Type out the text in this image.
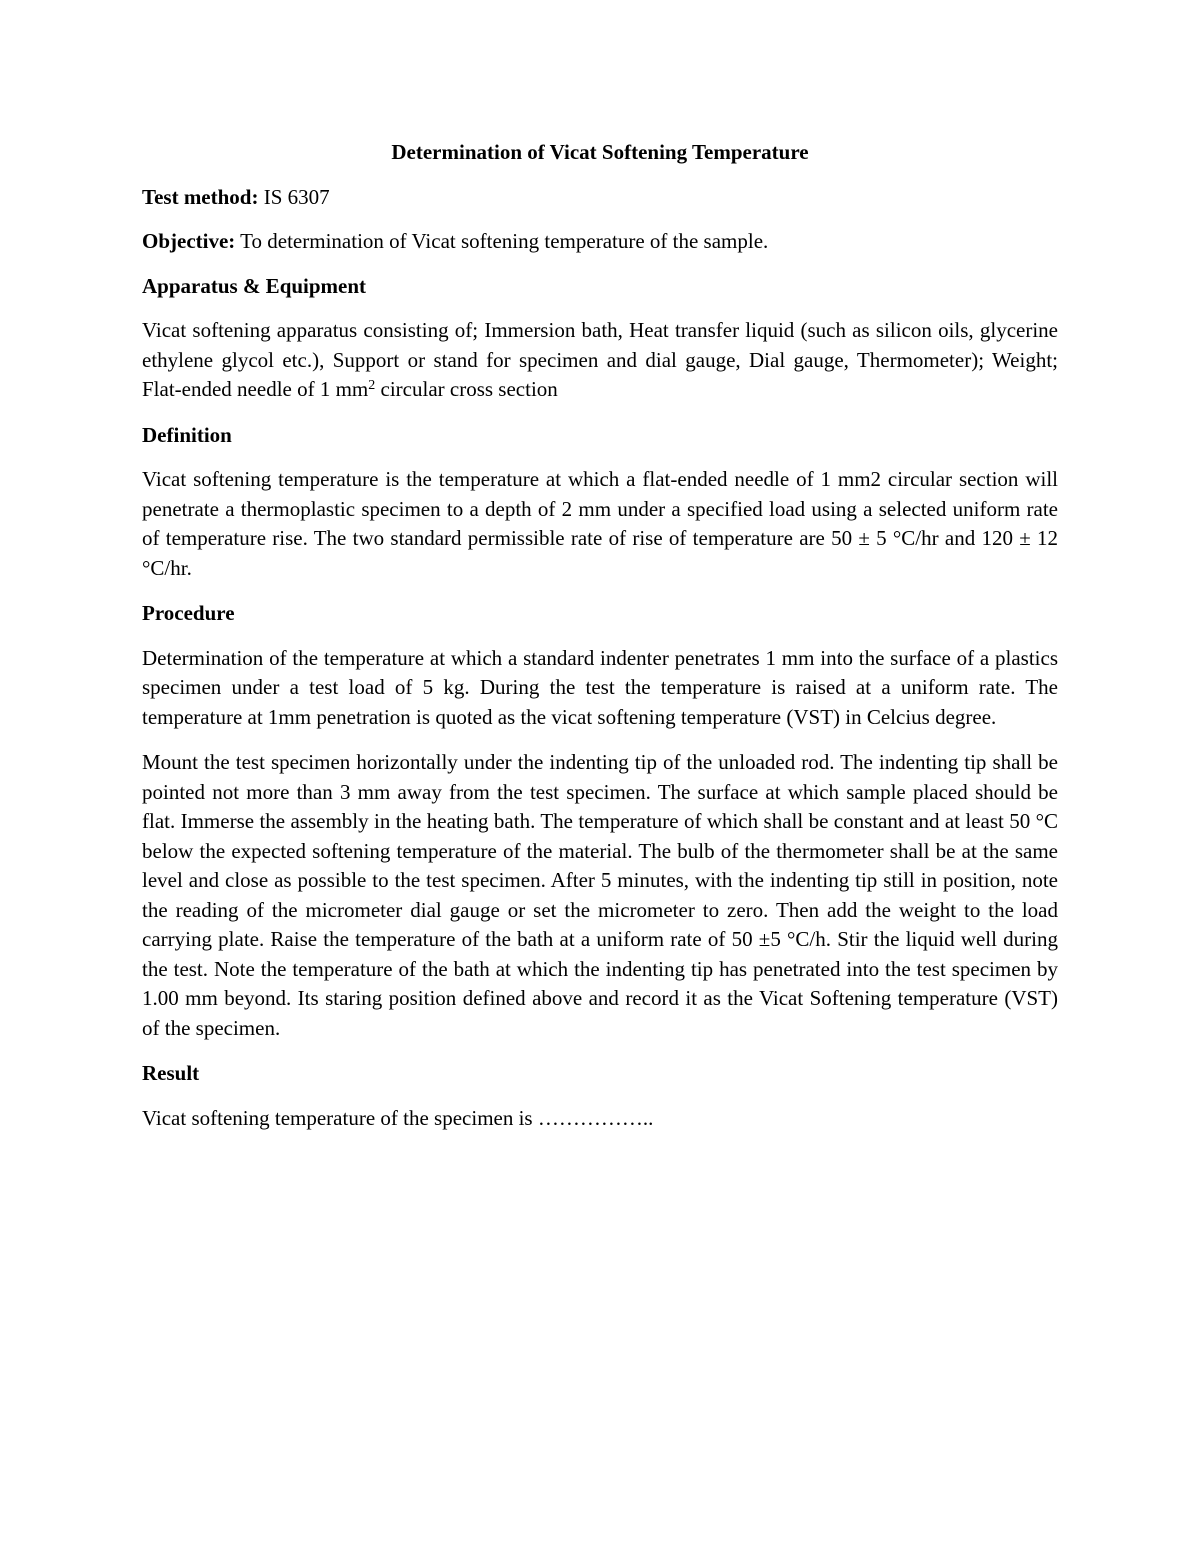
Determination of Vicat Softening Temperature
Test method: IS 6307
Objective: To determination of Vicat softening temperature of the sample.
Apparatus & Equipment
Vicat softening apparatus consisting of; Immersion bath, Heat transfer liquid (such as silicon oils, glycerine ethylene glycol etc.), Support or stand for specimen and dial gauge, Dial gauge, Thermometer); Weight; Flat-ended needle of 1 $mm^2$ circular cross section
Definition
Vicat softening temperature is the temperature at which a flat-ended needle of 1 mm2 circular section will penetrate a thermoplastic specimen to a depth of 2 mm under a specified load using a selected uniform rate of temperature rise. The two standard permissible rate of rise of temperature are 50 ± 5 °C/hr and 120 ± 12 °C/hr.
Procedure
Determination of the temperature at which a standard indenter penetrates 1 mm into the surface of a plastics specimen under a test load of 5 kg. During the test the temperature is raised at a uniform rate. The temperature at 1mm penetration is quoted as the vicat softening temperature (VST) in Celcius degree.
Mount the test specimen horizontally under the indenting tip of the unloaded rod. The indenting tip shall be pointed not more than 3 mm away from the test specimen. The surface at which sample placed should be flat. Immerse the assembly in the heating bath. The temperature of which shall be constant and at least 50 °C below the expected softening temperature of the material. The bulb of the thermometer shall be at the same level and close as possible to the test specimen. After 5 minutes, with the indenting tip still in position, note the reading of the micrometer dial gauge or set the micrometer to zero. Then add the weight to the load carrying plate. Raise the temperature of the bath at a uniform rate of 50 ±5 °C/h. Stir the liquid well during the test. Note the temperature of the bath at which the indenting tip has penetrated into the test specimen by 1.00 mm beyond. Its staring position defined above and record it as the Vicat Softening temperature (VST) of the specimen.
Result
Vicat softening temperature of the specimen is ……………..
